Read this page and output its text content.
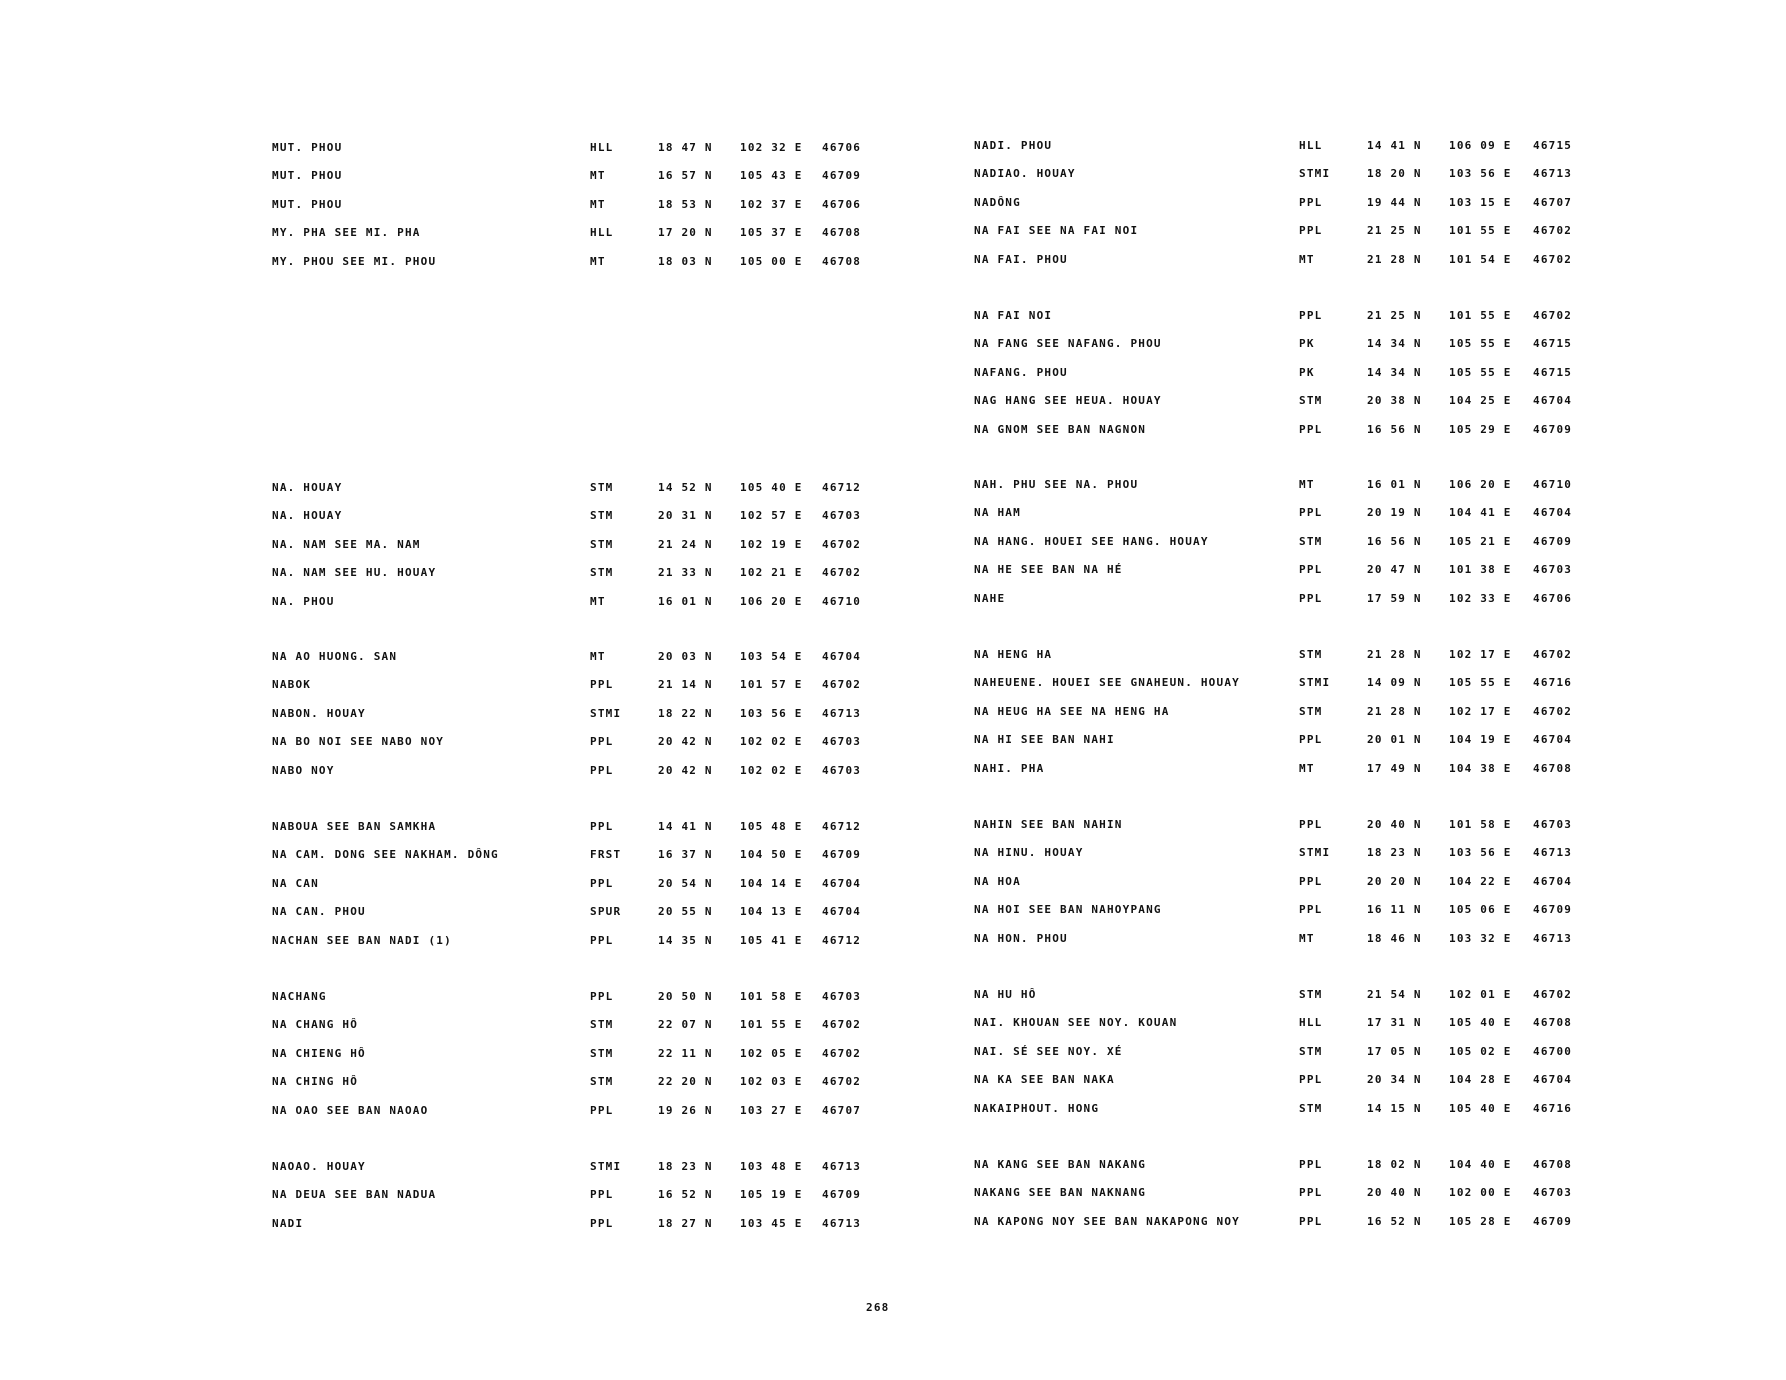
MUT. PHOU	HLL	18 47 N 102 32 E 46706
MUT. PHOU	MT	16 57 N 105 43 E 46709
MUT. PHOU	MT	18 53 N 102 37 E 46706
MY. PHA SEE MI. PHA	HLL	17 20 N 105 37 E 46708
MY. PHOU SEE MI. PHOU	MT	18 03 N 105 00 E 46708
NA. HOUAY	STM	14 52 N 105 40 E 46712
NA. HOUAY	STM	20 31 N 102 57 E 46703
NA. NAM SEE MA. NAM	STM	21 24 N 102 19 E 46702
NA. NAM SEE HU. HOUAY	STM	21 33 N 102 21 E 46702
NA. PHOU	MT	16 01 N 106 20 E 46710
NA AO HUONG. SAN	MT	20 03 N 103 54 E 46704
NABOK	PPL	21 14 N 101 57 E 46702
NABON. HOUAY	STMI	18 22 N 103 56 E 46713
NA BO NOI SEE NABO NOY	PPL	20 42 N 102 02 E 46703
NABO NOY	PPL	20 42 N 102 02 E 46703
NABOUA SEE BAN SAMKHA	PPL	14 41 N 105 48 E 46712
NA CAM. DONG SEE NAKHAM. DÔNG	FRST	16 37 N 104 50 E 46709
NA CAN	PPL	20 54 N 104 14 E 46704
NA CAN. PHOU	SPUR	20 55 N 104 13 E 46704
NACHAN SEE BAN NADI (1)	PPL	14 35 N 105 41 E 46712
NACHANG	PPL	20 50 N 101 58 E 46703
NA CHANG HÔ	STM	22 07 N 101 55 E 46702
NA CHIENG HÔ	STM	22 11 N 102 05 E 46702
NA CHING HÔ	STM	22 20 N 102 03 E 46702
NA OAO SEE BAN NAOAO	PPL	19 26 N 103 27 E 46707
NAOAO. HOUAY	STMI	18 23 N 103 48 E 46713
NA DEUA SEE BAN NADUA	PPL	16 52 N 105 19 E 46709
NADI	PPL	18 27 N 103 45 E 46713
NADI. PHOU	HLL	14 41 N 106 09 E 46715
NADIAO. HOUAY	STMI	18 20 N 103 56 E 46713
NADÔNG	PPL	19 44 N 103 15 E 46707
NA FAI SEE NA FAI NOI	PPL	21 25 N 101 55 E 46702
NA FAI. PHOU	MT	21 28 N 101 54 E 46702
NA FAI NOI	PPL	21 25 N 101 55 E 46702
NA FANG SEE NAFANG. PHOU	PK	14 34 N 105 55 E 46715
NAFANG. PHOU	PK	14 34 N 105 55 E 46715
NAG HANG SEE HEUA. HOUAY	STM	20 38 N 104 25 E 46704
NA GNOM SEE BAN NAGNON	PPL	16 56 N 105 29 E 46709
NAH. PHU SEE NA. PHOU	MT	16 01 N 106 20 E 46710
NA HAM	PPL	20 19 N 104 41 E 46704
NA HANG. HOUEI SEE HANG. HOUAY	STM	16 56 N 105 21 E 46709
NA HE SEE BAN NA HÉ	PPL	20 47 N 101 38 E 46703
NAHE	PPL	17 59 N 102 33 E 46706
NA HENG HA	STM	21 28 N 102 17 E 46702
NAHEUENE. HOUEI SEE GNAHEUN. HOUAY	STMI	14 09 N 105 55 E 46716
NA HEUG HA SEE NA HENG HA	STM	21 28 N 102 17 E 46702
NA HI SEE BAN NAHI	PPL	20 01 N 104 19 E 46704
NAHI. PHA	MT	17 49 N 104 38 E 46708
NAHIN SEE BAN NAHIN	PPL	20 40 N 101 58 E 46703
NA HINU. HOUAY	STMI	18 23 N 103 56 E 46713
NA HOA	PPL	20 20 N 104 22 E 46704
NA HOI SEE BAN NAHOYPANG	PPL	16 11 N 105 06 E 46709
NA HON. PHOU	MT	18 46 N 103 32 E 46713
NA HU HÔ	STM	21 54 N 102 01 E 46702
NAI. KHOUAN SEE NOY. KOUAN	HLL	17 31 N 105 40 E 46708
NAI. SÉ SEE NOY. XÉ	STM	17 05 N 105 02 E 46700
NA KA SEE BAN NAKA	PPL	20 34 N 104 28 E 46704
NAKAIPHOUT. HONG	STM	14 15 N 105 40 E 46716
NA KANG SEE BAN NAKANG	PPL	18 02 N 104 40 E 46708
NAKANG SEE BAN NAKNANG	PPL	20 40 N 102 00 E 46703
NA KAPONG NOY SEE BAN NAKAPONG NOY	PPL	16 52 N 105 28 E 46709
268
